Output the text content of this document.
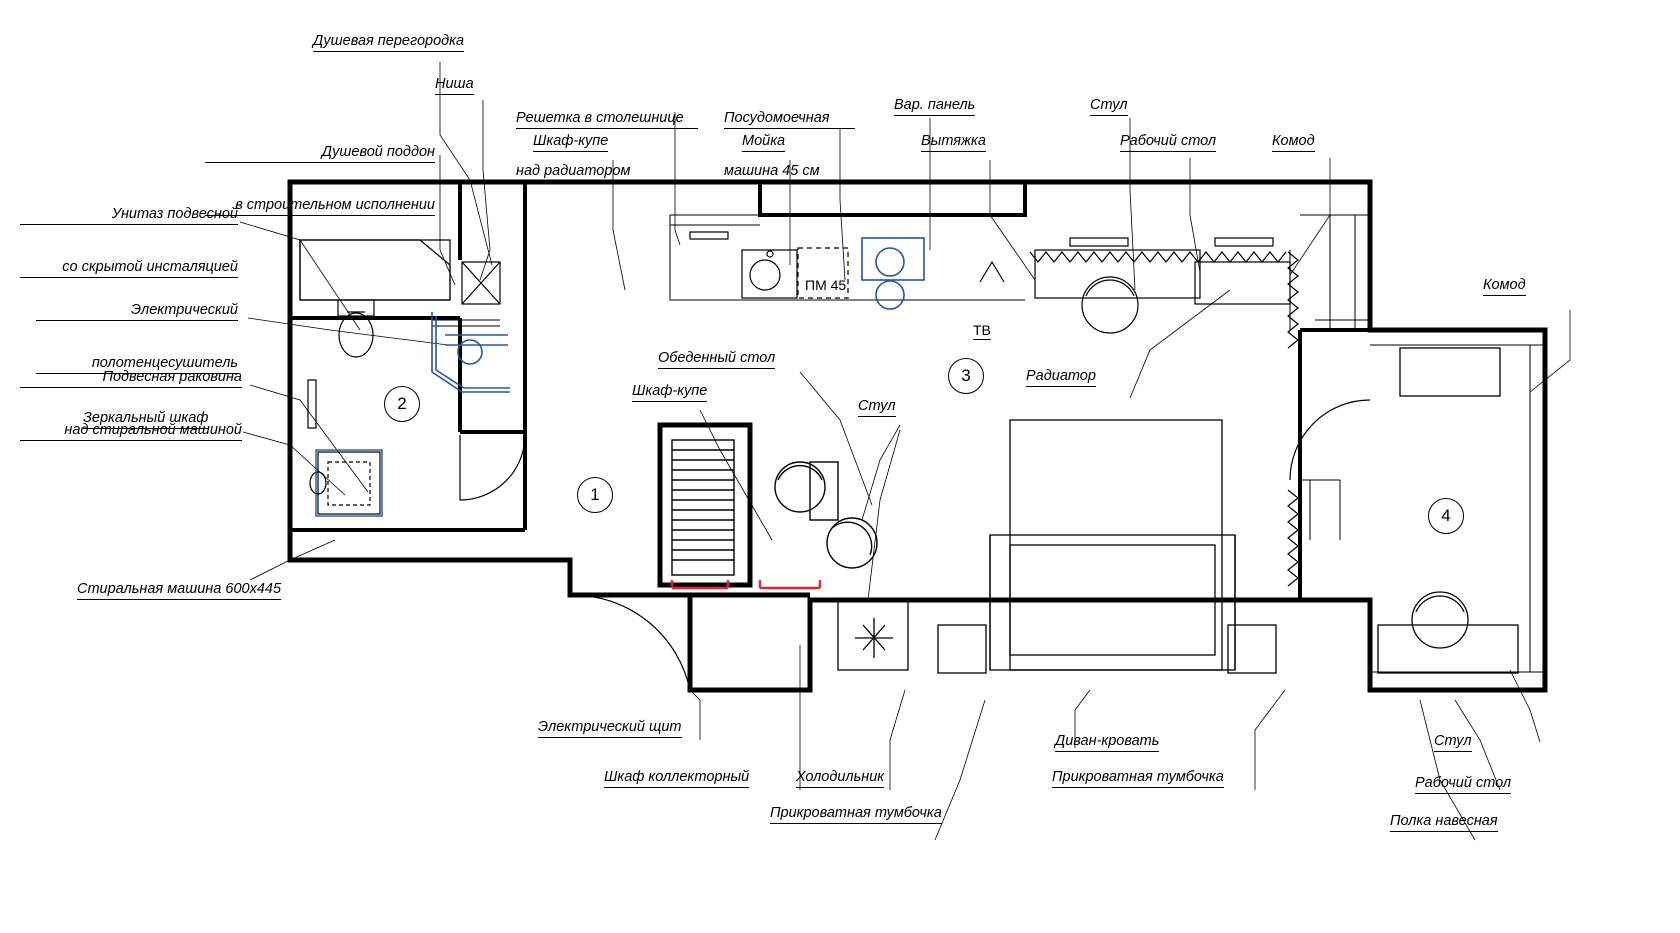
1
2
3
4
ТВ
ПМ 45
Душевая перегородка
Ниша

Душевой поддон

в строительном исполнении

Решетка в столешнице

над радиатором

Посудомоечная

машина 45 см

Вар. панель	Стул
Шкаф-купе	Мойка	Вытяжка	Рабочий стол	Комод
Комод

Унитаз подвесной

со скрытой инсталяцией

Электрический

полотенцесушитель

Подвесная раковина

над стиральной машиной

Зеркальный шкаф
Стиральная машина 600х445
Обеденный стол
Шкаф-купе
Стул
Радиатор
Электрический щит
Шкаф коллекторный	Холодильник
Прикроватная тумбочка
Диван-кровать
Прикроватная тумбочка
Стул
Рабочий стол
Полка навесная
